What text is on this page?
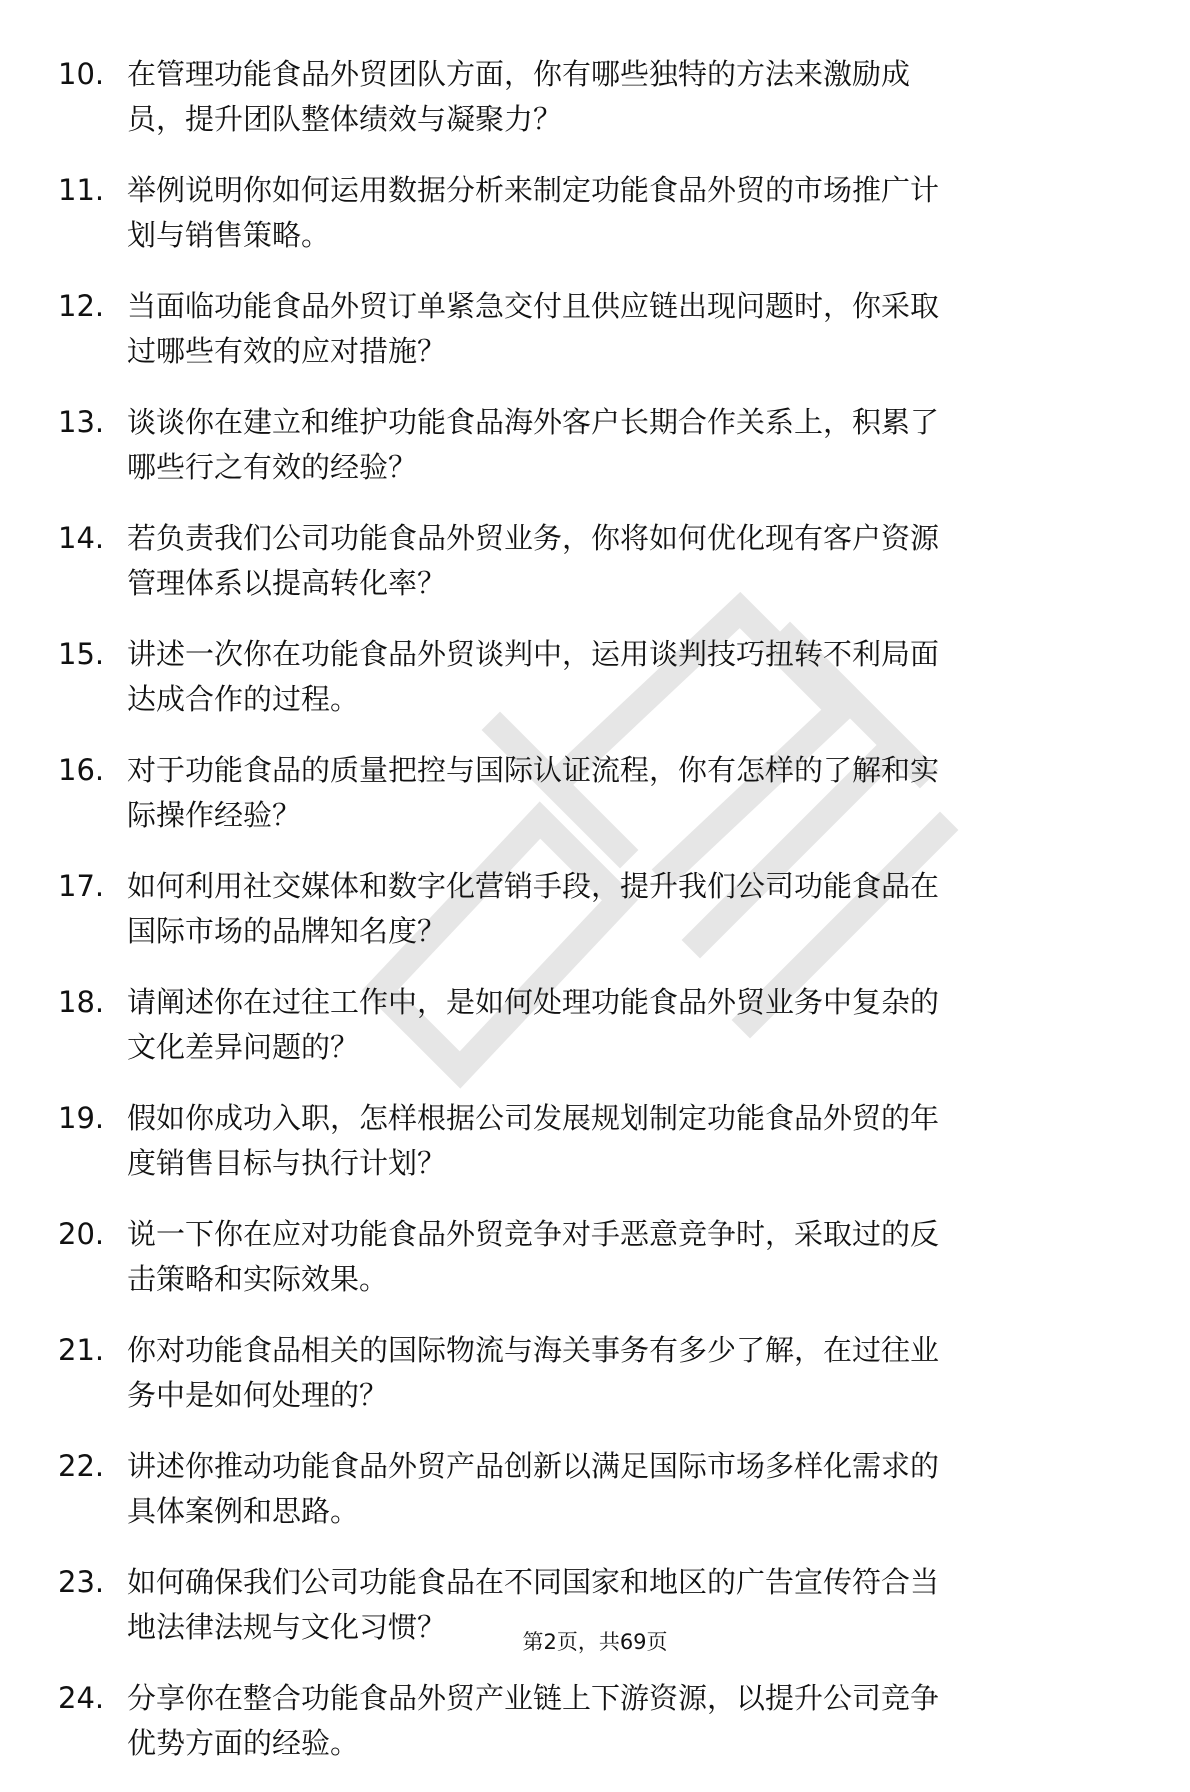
10. 在管理功能食品外贸团队方面，你有哪些独特的方法来激励成
员，提升团队整体绩效与凝聚力？
11. 举例说明你如何运用数据分析来制定功能食品外贸的市场推广计
划与销售策略。
12. 当面临功能食品外贸订单紧急交付且供应链出现问题时，你采取
过哪些有效的应对措施？
13. 谈谈你在建立和维护功能食品海外客户长期合作关系上，积累了
哪些行之有效的经验？
14. 若负责我们公司功能食品外贸业务，你将如何优化现有客户资源
管理体系以提高转化率？
15. 讲述一次你在功能食品外贸谈判中，运用谈判技巧扭转不利局面
达成合作的过程。
16. 对于功能食品的质量把控与国际认证流程，你有怎样的了解和实
际操作经验？
17. 如何利用社交媒体和数字化营销手段，提升我们公司功能食品在
国际市场的品牌知名度？
18. 请阐述你在过往工作中，是如何处理功能食品外贸业务中复杂的
文化差异问题的？
19. 假如你成功入职，怎样根据公司发展规划制定功能食品外贸的年
度销售目标与执行计划？
20. 说一下你在应对功能食品外贸竞争对手恶意竞争时，采取过的反
击策略和实际效果。
21. 你对功能食品相关的国际物流与海关事务有多少了解，在过往业
务中是如何处理的？
22. 讲述你推动功能食品外贸产品创新以满足国际市场多样化需求的
具体案例和思路。
23. 如何确保我们公司功能食品在不同国家和地区的广告宣传符合当
地法律法规与文化习惯？
24. 分享你在整合功能食品外贸产业链上下游资源，以提升公司竞争
优势方面的经验。
第2页，共69页
